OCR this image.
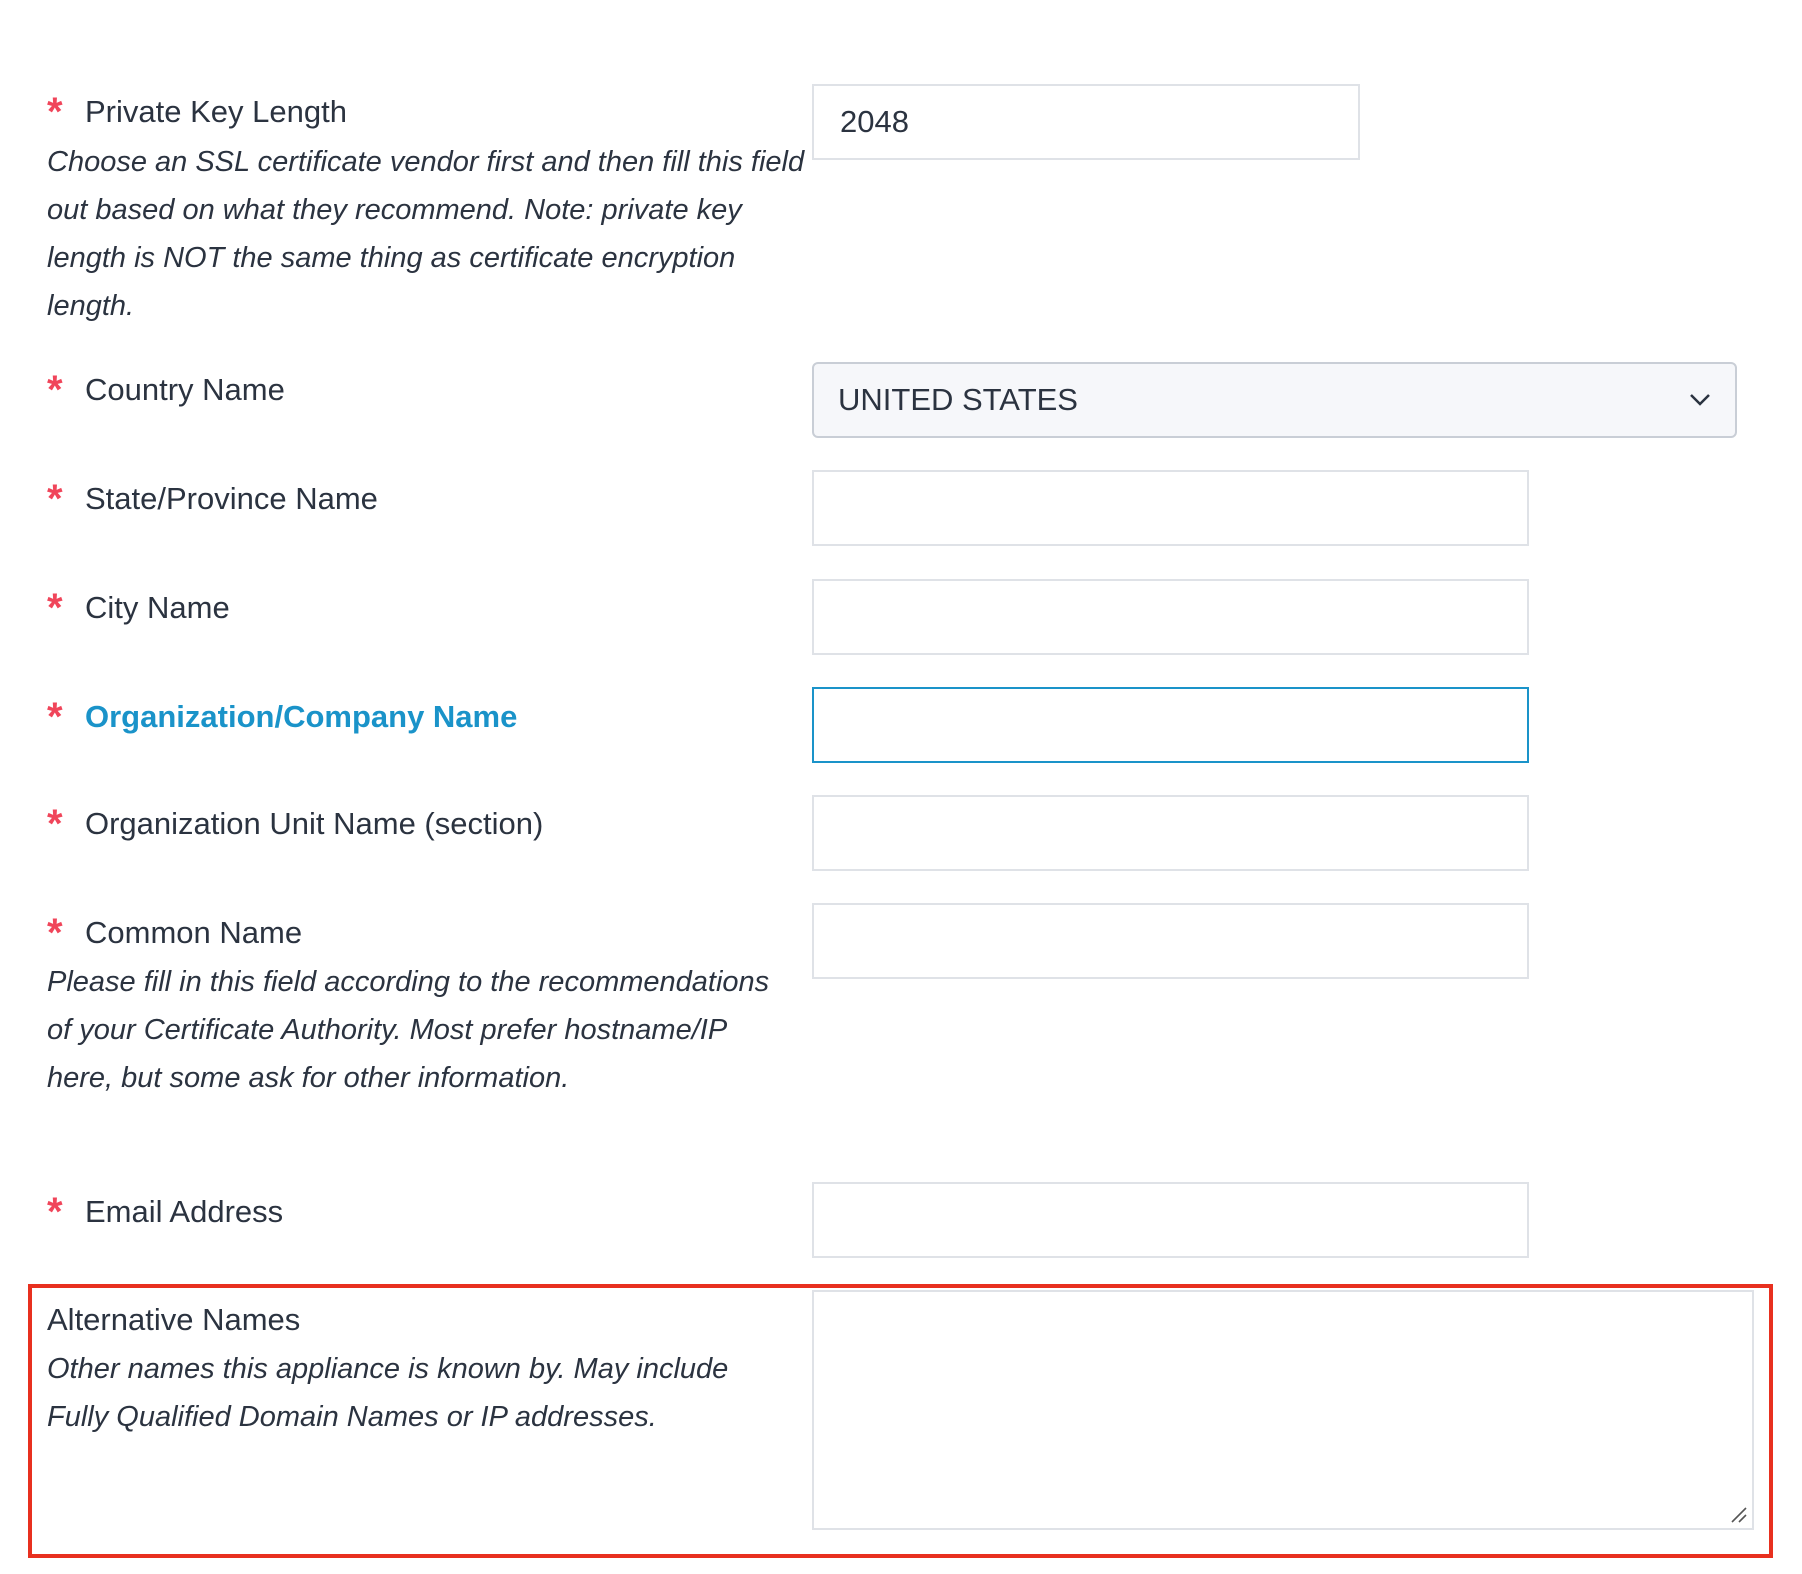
* Private Key Length
Choose an SSL certificate vendor first and then fill this field out based on what they recommend. Note: private key length is NOT the same thing as certificate encryption length.
2048
* Country Name	UNITED STATES
* State/Province Name
* City Name
* Organization/Company Name
* Organization Unit Name (section)
* Common Name
Please fill in this field according to the recommendations of your Certificate Authority. Most prefer hostname/IP here, but some ask for other information.
* Email Address
Alternative Names
Other names this appliance is known by. May include Fully Qualified Domain Names or IP addresses.
